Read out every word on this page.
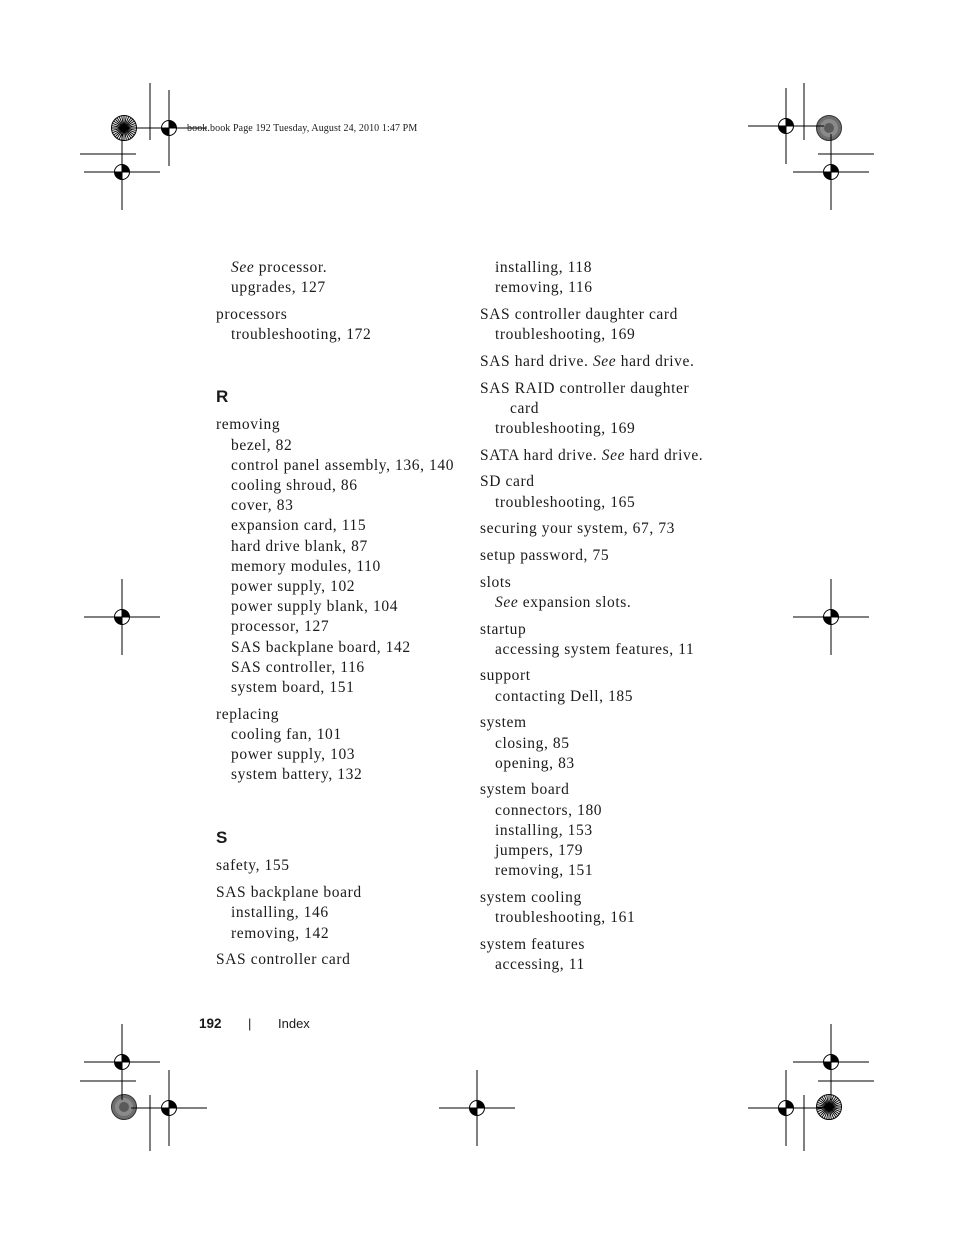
book.book Page 192 Tuesday, August 24, 2010 1:47 PM
See processor.
upgrades, 127
processors
troubleshooting, 172
R
removing
bezel, 82
control panel assembly, 136, 140
cooling shroud, 86
cover, 83
expansion card, 115
hard drive blank, 87
memory modules, 110
power supply, 102
power supply blank, 104
processor, 127
SAS backplane board, 142
SAS controller, 116
system board, 151
replacing
cooling fan, 101
power supply, 103
system battery, 132
S
safety, 155
SAS backplane board
installing, 146
removing, 142
SAS controller card
installing, 118
removing, 116
SAS controller daughter card
troubleshooting, 169
SAS hard drive. See hard drive.
SAS RAID controller daughter
card
troubleshooting, 169
SATA hard drive. See hard drive.
SD card
troubleshooting, 165
securing your system, 67, 73
setup password, 75
slots
See expansion slots.
startup
accessing system features, 11
support
contacting Dell, 185
system
closing, 85
opening, 83
system board
connectors, 180
installing, 153
jumpers, 179
removing, 151
system cooling
troubleshooting, 161
system features
accessing, 11
192 | Index
